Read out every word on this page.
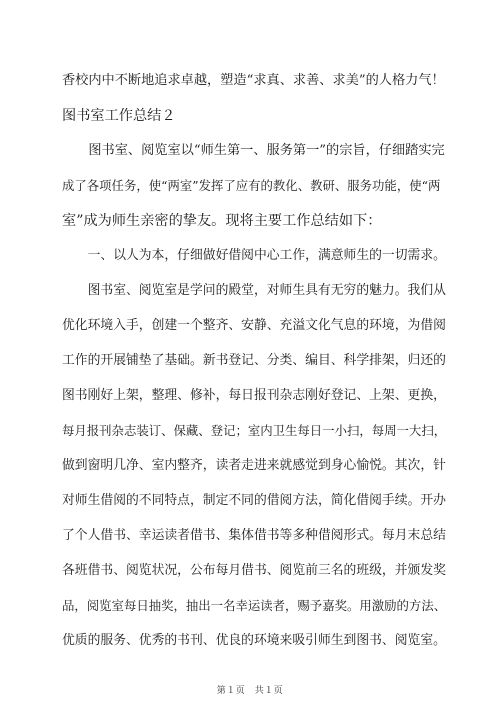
香校内中不断地追求卓越，塑造“求真、求善、求美”的人格力气！
图书室工作总结２
　　图书室、阅览室以“师生第一、服务第一”的宗旨，仔细踏实完
成了各项任务，使“两室”发挥了应有的教化、教研、服务功能，使“两
室”成为师生亲密的挚友。现将主要工作总结如下：
　　一、以人为本，仔细做好借阅中心工作，满意师生的一切需求。
　　图书室、阅览室是学问的殿堂，对师生具有无穷的魅力。我们从
优化环境入手，创建一个整齐、安静、充溢文化气息的环境，为借阅
工作的开展铺垫了基础。新书登记、分类、编目、科学排架，归还的
图书刚好上架，整理、修补，每日报刊杂志刚好登记、上架、更换，
每月报刊杂志装订、保藏、登记；室内卫生每日一小扫，每周一大扫，
做到窗明几净、室内整齐，读者走进来就感觉到身心愉悦。其次，针
对师生借阅的不同特点，制定不同的借阅方法，简化借阅手续。开办
了个人借书、幸运读者借书、集体借书等多种借阅形式。每月末总结
各班借书、阅览状况，公布每月借书、阅览前三名的班级，并颁发奖
品，阅览室每日抽奖，抽出一名幸运读者，赐予嘉奖。用激励的方法、
优质的服务、优秀的书刊、优良的环境来吸引师生到图书、阅览室。
第１页　共１页
